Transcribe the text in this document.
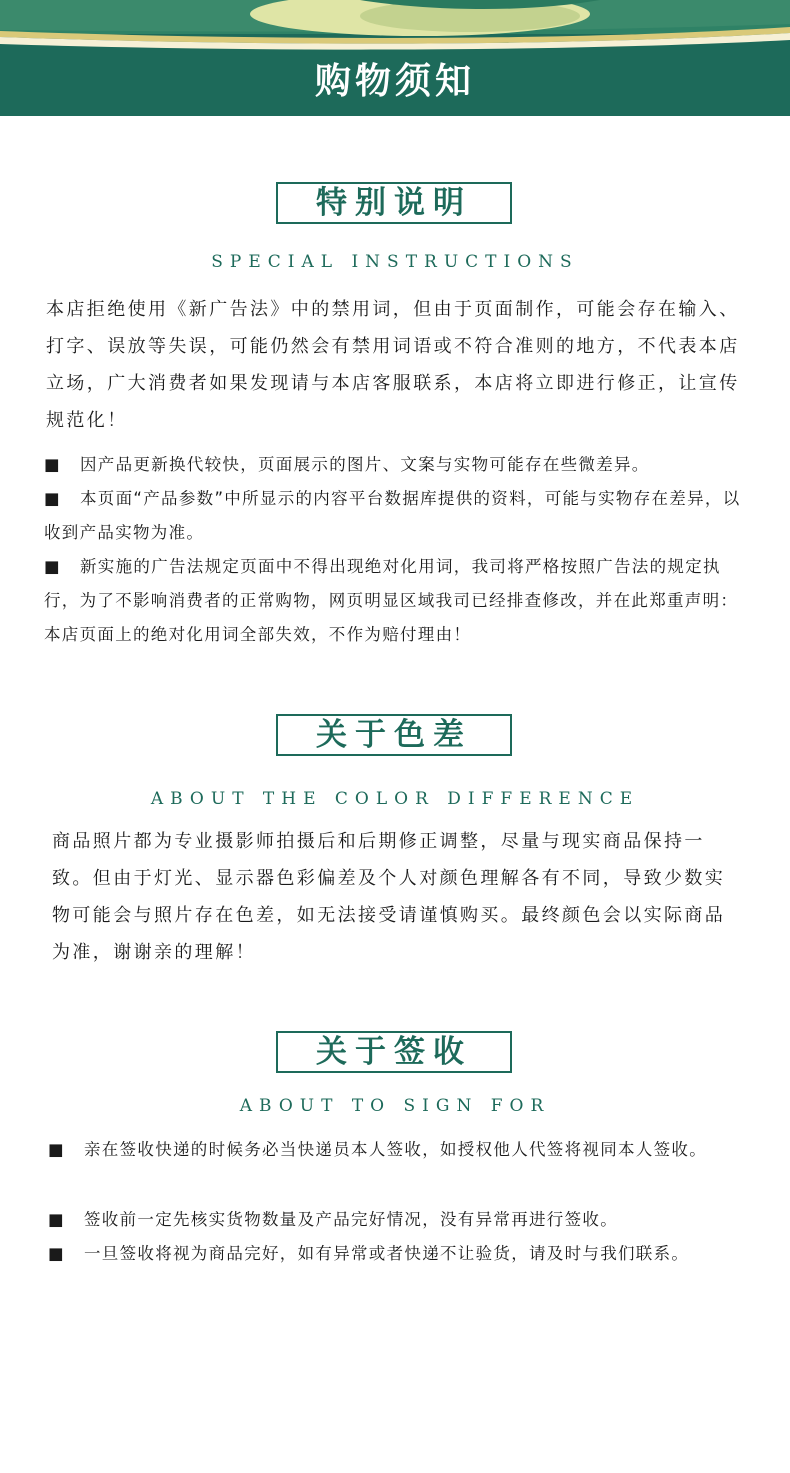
购物须知
特别说明
SPECIAL INSTRUCTIONS

本店拒绝使用《新广告法》中的禁用词，但由于页面制作，可能会存在输入、打字、误放等失误，可能仍然会有禁用词语或不符合准则的地方，不代表本店立场，广大消费者如果发现请与本店客服联系，本店将立即进行修正，让宣传规范化！

■ 因产品更新换代较快，页面展示的图片、文案与实物可能存在些微差异。

■ 本页面“产品参数”中所显示的内容平台数据库提供的资料，可能与实物存在差异，以收到产品实物为准。

■ 新实施的广告法规定页面中不得出现绝对化用词，我司将严格按照广告法的规定执行，为了不影响消费者的正常购物，网页明显区域我司已经排查修改，并在此郑重声明：本店页面上的绝对化用词全部失效，不作为赔付理由！

关于色差
ABOUT THE COLOR DIFFERENCE

商品照片都为专业摄影师拍摄后和后期修正调整，尽量与现实商品保持一致。但由于灯光、显示器色彩偏差及个人对颜色理解各有不同，导致少数实物可能会与照片存在色差，如无法接受请谨慎购买。最终颜色会以实际商品为准，谢谢亲的理解！

关于签收
ABOUT TO SIGN FOR

■ 亲在签收快递的时候务必当快递员本人签收，如授权他人代签将视同本人签收。

■ 签收前一定先核实货物数量及产品完好情况，没有异常再进行签收。

■ 一旦签收将视为商品完好，如有异常或者快递不让验货，请及时与我们联系。
